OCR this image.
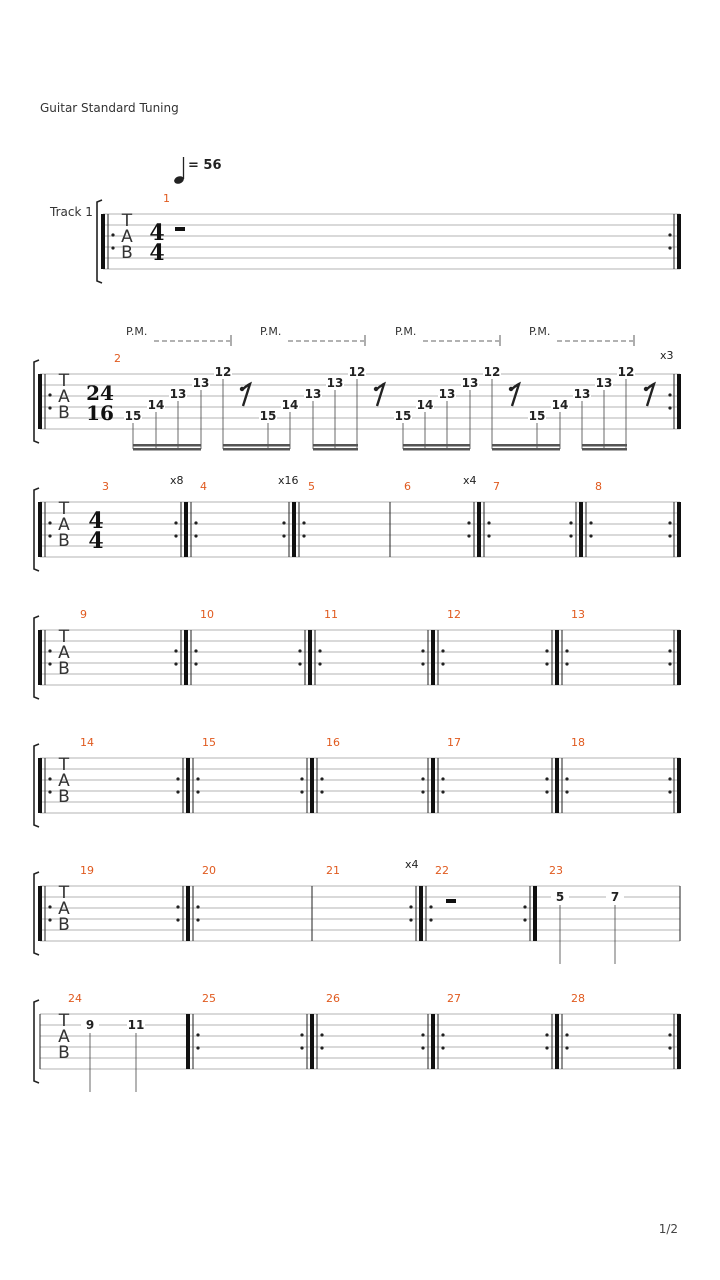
Guitar Standard Tuning
Track 1
1/2
= 56
T
A
B
4
4
1
T
A
B
24
16
2	x3
P.M.	P.M.	P.M.	P.M.
15
14
13
13
12
15
14
13
13
12
15
14
13
13
12
15
14
13
13
12
T
A
B
4
4
3	x8 4	x16 5	6	x4 7	8
T
A
B
9	10	11	12	13
T
A
B
14	15	16	17	18
T
A
B
19	20	21	x4 22	23
5	7
T
A
B
24
9	11
25	26	27	28
